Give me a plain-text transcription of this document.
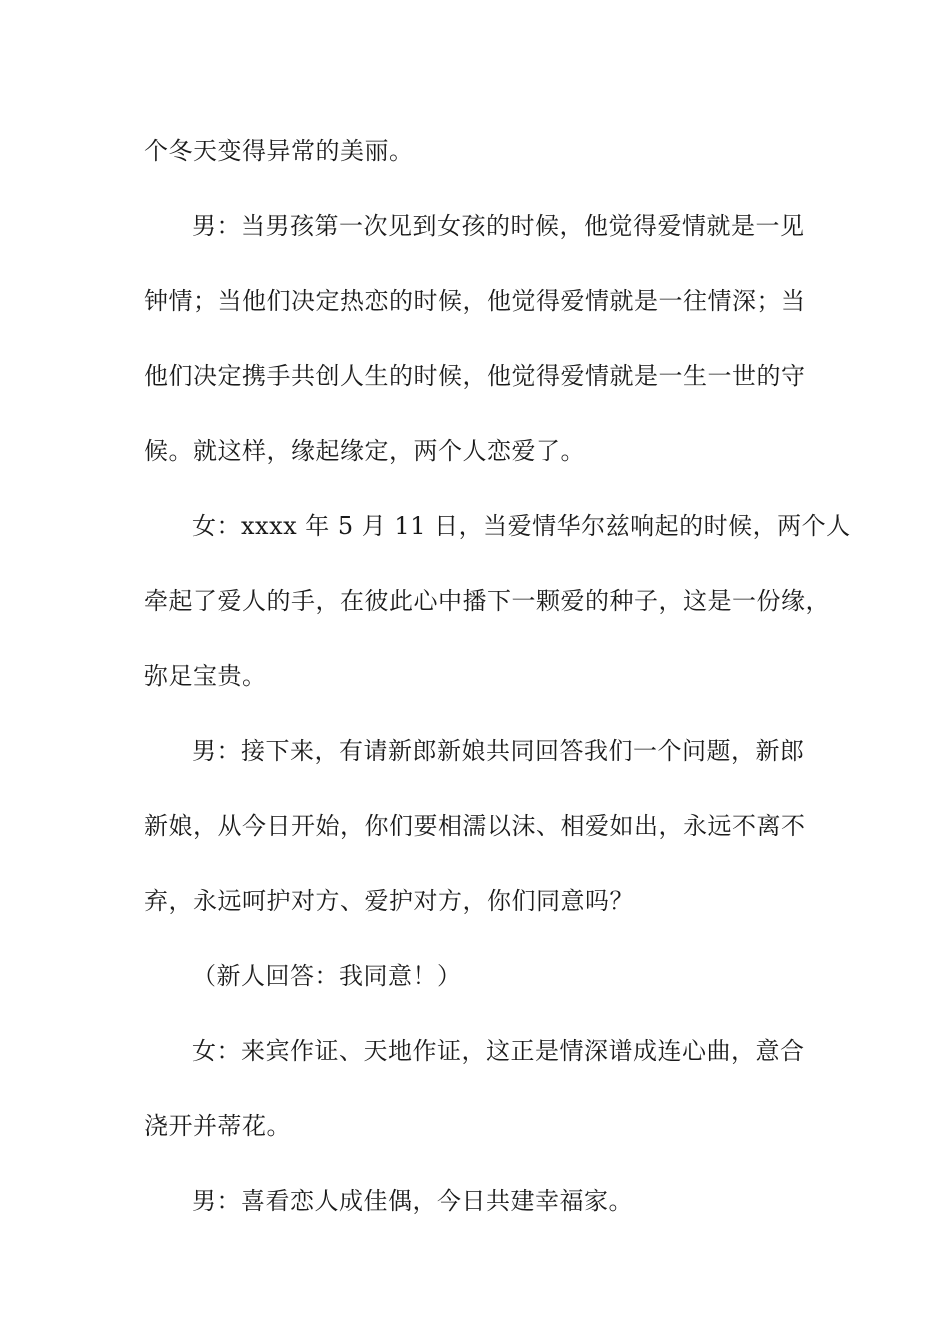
个冬天变得异常的美丽。
男：当男孩第一次见到女孩的时候，他觉得爱情就是一见
钟情；当他们决定热恋的时候，他觉得爱情就是一往情深；当
他们决定携手共创人生的时候，他觉得爱情就是一生一世的守
候。就这样，缘起缘定，两个人恋爱了。
女：xxxx 年 5 月 11 日，当爱情华尔兹响起的时候，两个人
牵起了爱人的手，在彼此心中播下一颗爱的种子，这是一份缘，
弥足宝贵。
男：接下来，有请新郎新娘共同回答我们一个问题，新郎
新娘，从今日开始，你们要相濡以沫、相爱如出，永远不离不
弃，永远呵护对方、爱护对方，你们同意吗？
（新人回答：我同意！）
女：来宾作证、天地作证，这正是情深谱成连心曲，意合
浇开并蒂花。
男：喜看恋人成佳偶，今日共建幸福家。
